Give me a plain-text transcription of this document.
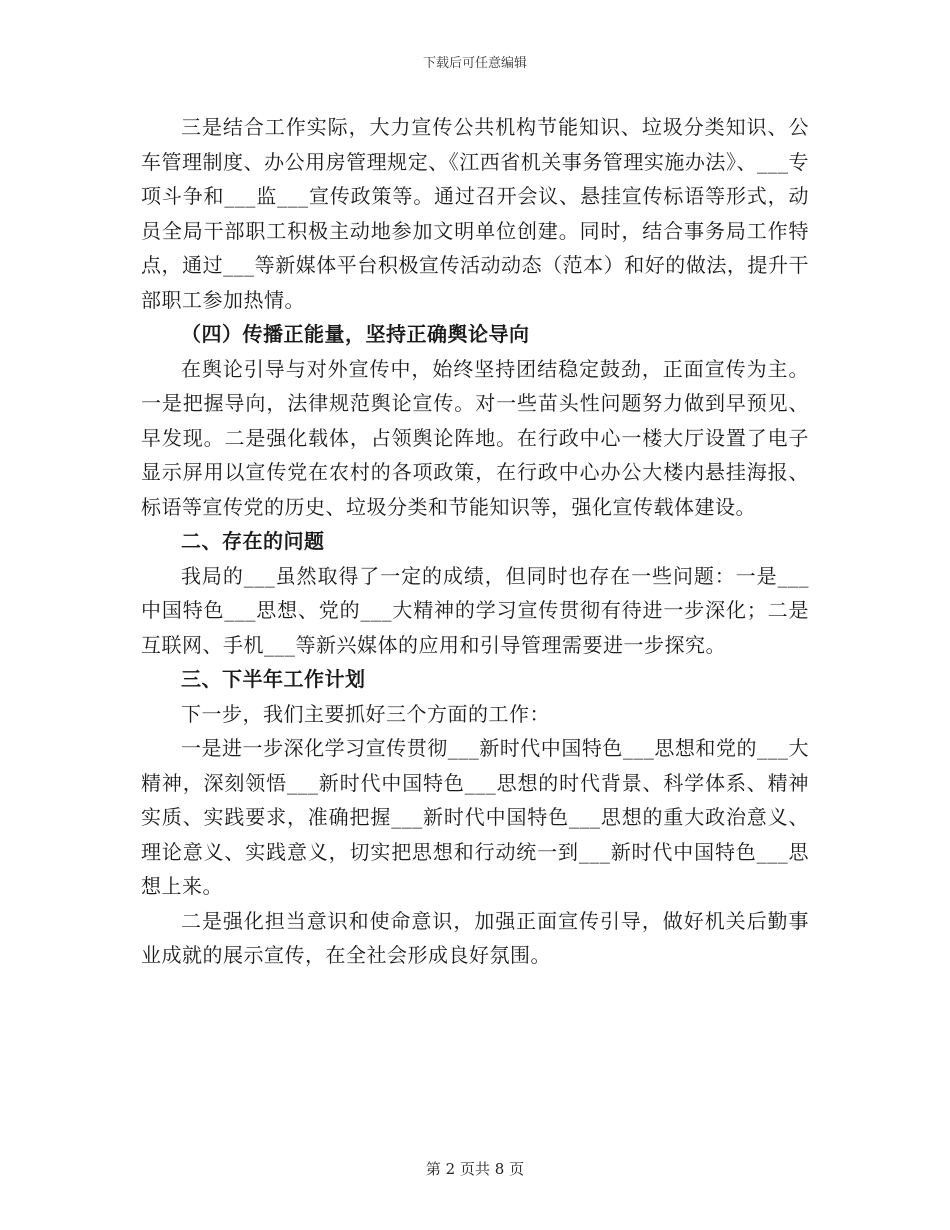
下载后可任意编辑

三是结合工作实际，大力宣传公共机构节能知识、垃圾分类知识、公车管理制度、办公用房管理规定、《江西省机关事务管理实施办法》、___专项斗争和___监___宣传政策等。通过召开会议、悬挂宣传标语等形式，动员全局干部职工积极主动地参加文明单位创建。同时，结合事务局工作特点，通过___等新媒体平台积极宣传活动动态（范本）和好的做法，提升干部职工参加热情。

（四）传播正能量，坚持正确舆论导向

在舆论引导与对外宣传中，始终坚持团结稳定鼓劲，正面宣传为主。一是把握导向，法律规范舆论宣传。对一些苗头性问题努力做到早预见、早发现。二是强化载体，占领舆论阵地。在行政中心一楼大厅设置了电子显示屏用以宣传党在农村的各项政策，在行政中心办公大楼内悬挂海报、标语等宣传党的历史、垃圾分类和节能知识等，强化宣传载体建设。

二、存在的问题

我局的___虽然取得了一定的成绩，但同时也存在一些问题：一是___中国特色___思想、党的___大精神的学习宣传贯彻有待进一步深化；二是互联网、手机___等新兴媒体的应用和引导管理需要进一步探究。

三、下半年工作计划

下一步，我们主要抓好三个方面的工作：

一是进一步深化学习宣传贯彻___新时代中国特色___思想和党的___大精神，深刻领悟___新时代中国特色___思想的时代背景、科学体系、精神实质、实践要求，准确把握___新时代中国特色___思想的重大政治意义、理论意义、实践意义，切实把思想和行动统一到___新时代中国特色___思想上来。

二是强化担当意识和使命意识，加强正面宣传引导，做好机关后勤事业成就的展示宣传，在全社会形成良好氛围。

第 2 页共 8 页
